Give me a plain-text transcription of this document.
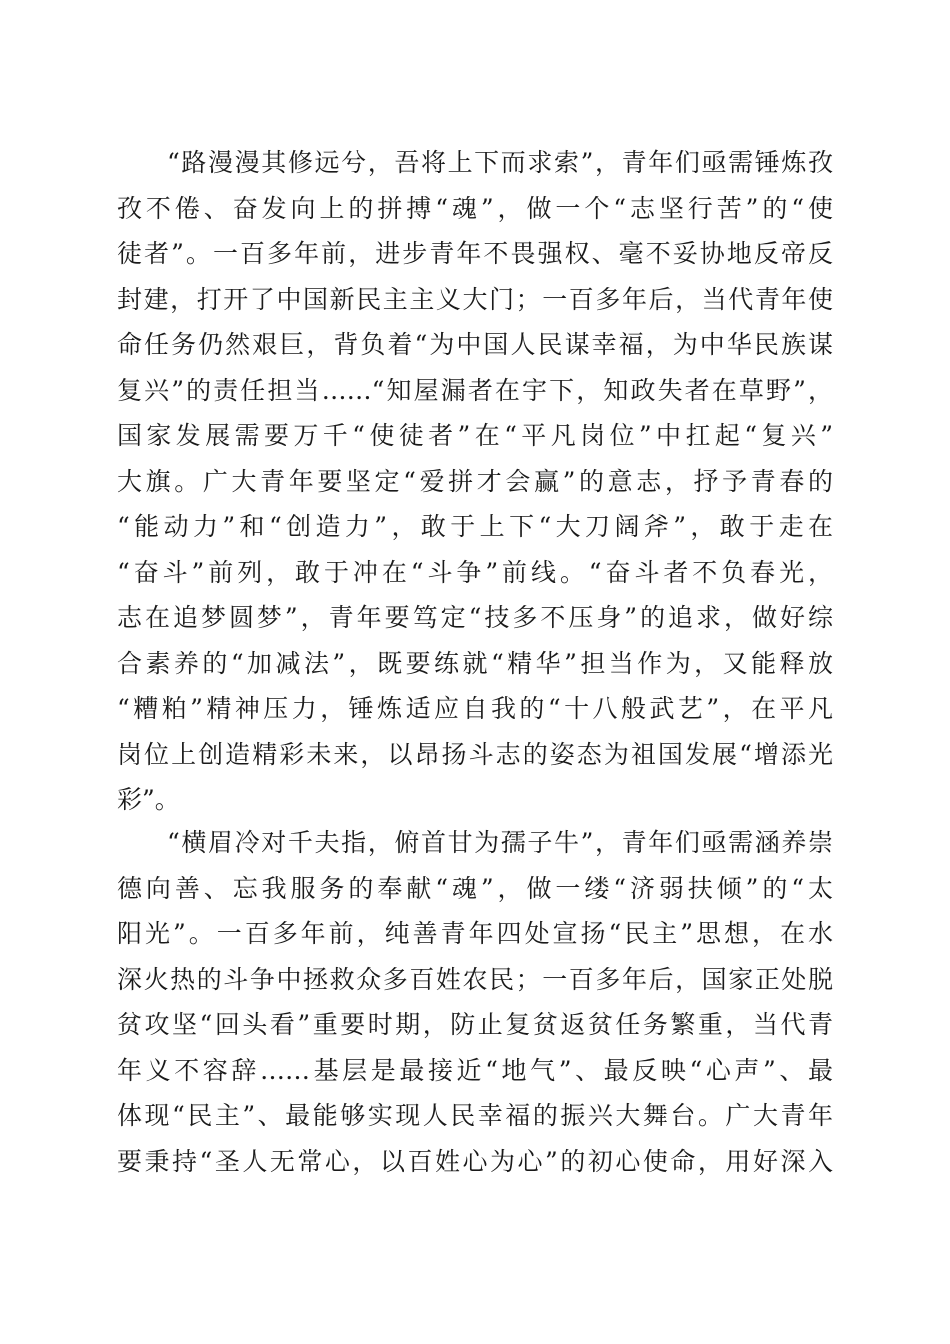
“路漫漫其修远兮，吾将上下而求索”，青年们亟需锤炼孜
孜不倦、奋发向上的拼搏“魂”，做一个“志坚行苦”的“使
徒者”。一百多年前，进步青年不畏强权、毫不妥协地反帝反
封建，打开了中国新民主主义大门；一百多年后，当代青年使
命任务仍然艰巨，背负着“为中国人民谋幸福，为中华民族谋
复兴”的责任担当……“知屋漏者在宇下，知政失者在草野”，
国家发展需要万千“使徒者”在“平凡岗位”中扛起“复兴”
大旗。广大青年要坚定“爱拼才会赢”的意志，抒予青春的
“能动力”和“创造力”，敢于上下“大刀阔斧”，敢于走在
“奋斗”前列，敢于冲在“斗争”前线。“奋斗者不负春光，
志在追梦圆梦”，青年要笃定“技多不压身”的追求，做好综
合素养的“加减法”，既要练就“精华”担当作为，又能释放
“糟粕”精神压力，锤炼适应自我的“十八般武艺”，在平凡
岗位上创造精彩未来，以昂扬斗志的姿态为祖国发展“增添光
彩”。
“横眉冷对千夫指，俯首甘为孺子牛”，青年们亟需涵养崇
德向善、忘我服务的奉献“魂”，做一缕“济弱扶倾”的“太
阳光”。一百多年前，纯善青年四处宣扬“民主”思想，在水
深火热的斗争中拯救众多百姓农民；一百多年后，国家正处脱
贫攻坚“回头看”重要时期，防止复贫返贫任务繁重，当代青
年义不容辞……基层是最接近“地气”、最反映“心声”、最
体现“民主”、最能够实现人民幸福的振兴大舞台。广大青年
要秉持“圣人无常心，以百姓心为心”的初心使命，用好深入
